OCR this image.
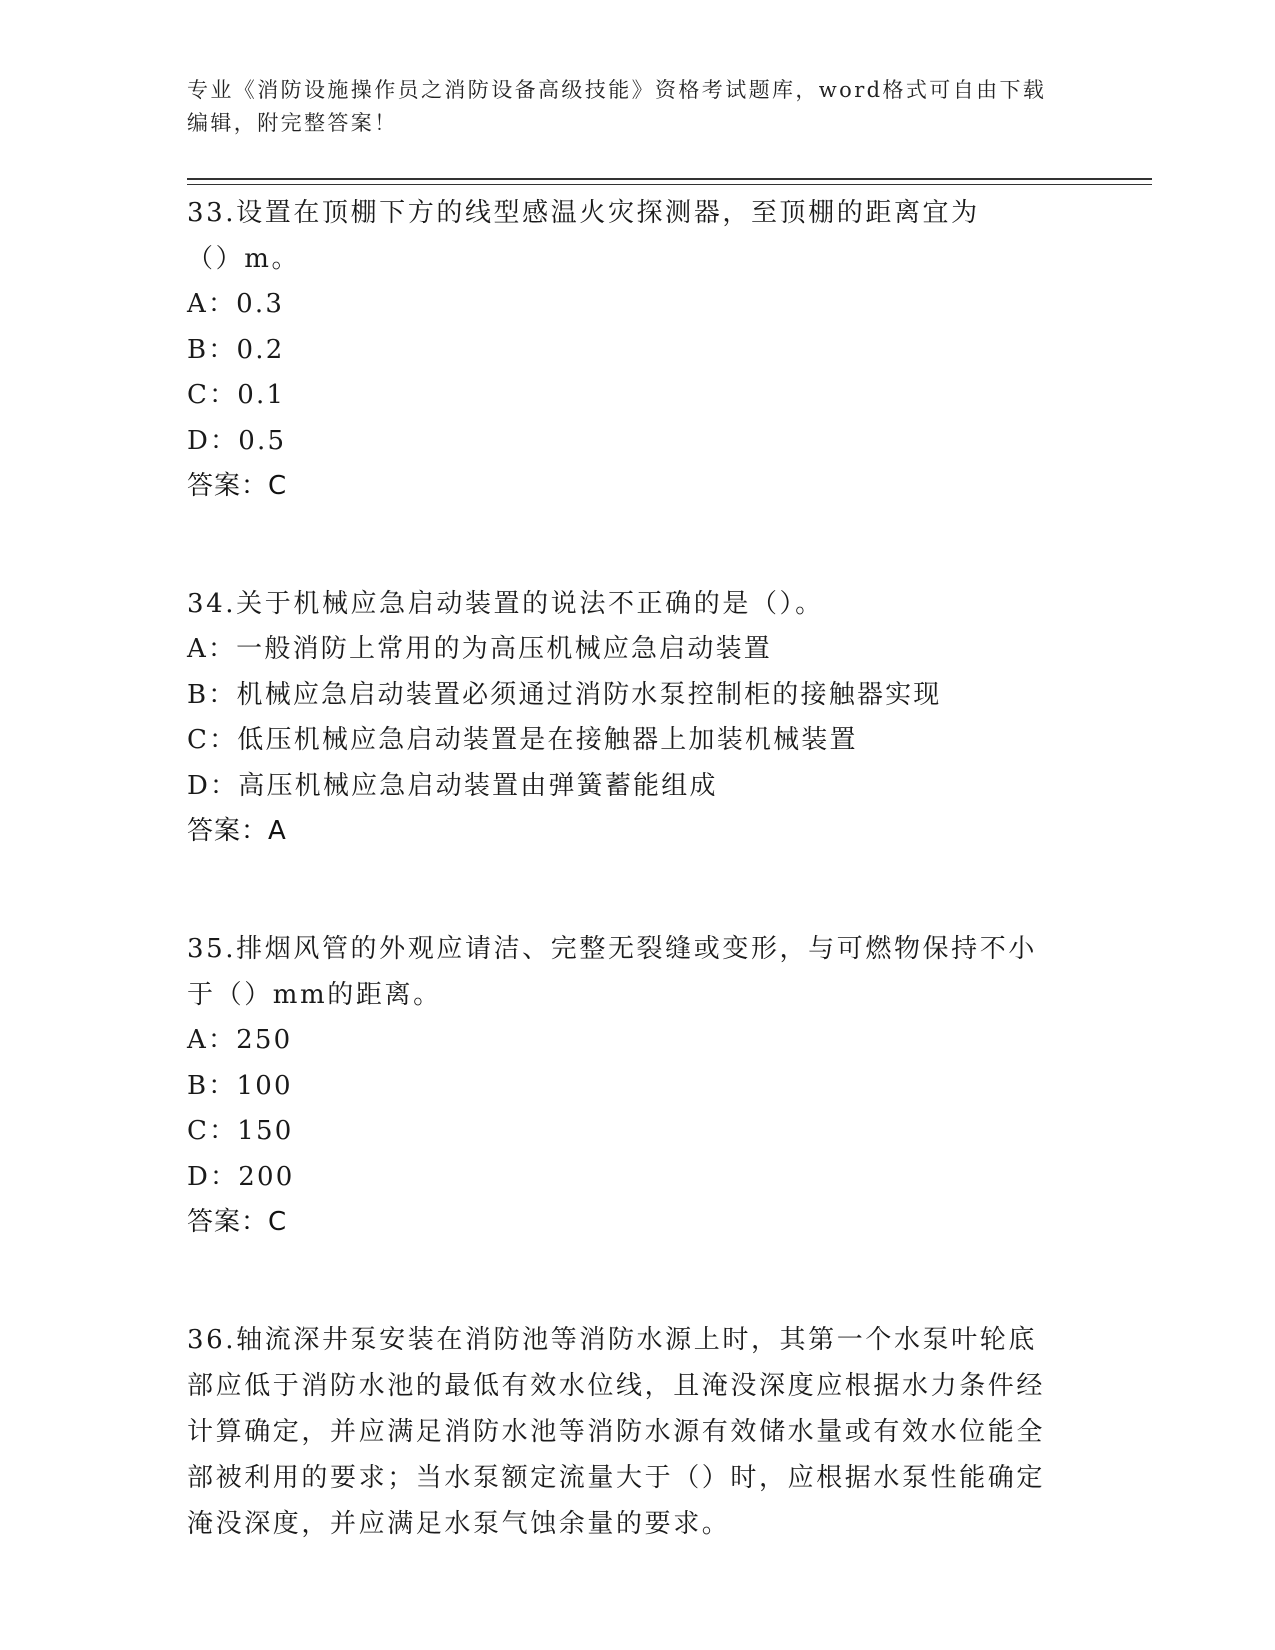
专业《消防设施操作员之消防设备高级技能》资格考试题库，word格式可自由下载编辑，附完整答案！

33.设置在顶棚下方的线型感温火灾探测器，至顶棚的距离宜为（）m。

A：0.3

B：0.2

C：0.1

D：0.5

答案：C

34.关于机械应急启动装置的说法不正确的是（）。

A：一般消防上常用的为高压机械应急启动装置

B：机械应急启动装置必须通过消防水泵控制柜的接触器实现

C：低压机械应急启动装置是在接触器上加装机械装置

D：高压机械应急启动装置由弹簧蓄能组成

答案：A

35.排烟风管的外观应请洁、完整无裂缝或变形，与可燃物保持不小于（）mm的距离。

A：250

B：100

C：150

D：200

答案：C

36.轴流深井泵安装在消防池等消防水源上时，其第一个水泵叶轮底部应低于消防水池的最低有效水位线，且淹没深度应根据水力条件经计算确定，并应满足消防水池等消防水源有效储水量或有效水位能全部被利用的要求；当水泵额定流量大于（）时，应根据水泵性能确定淹没深度，并应满足水泵气蚀余量的要求。
